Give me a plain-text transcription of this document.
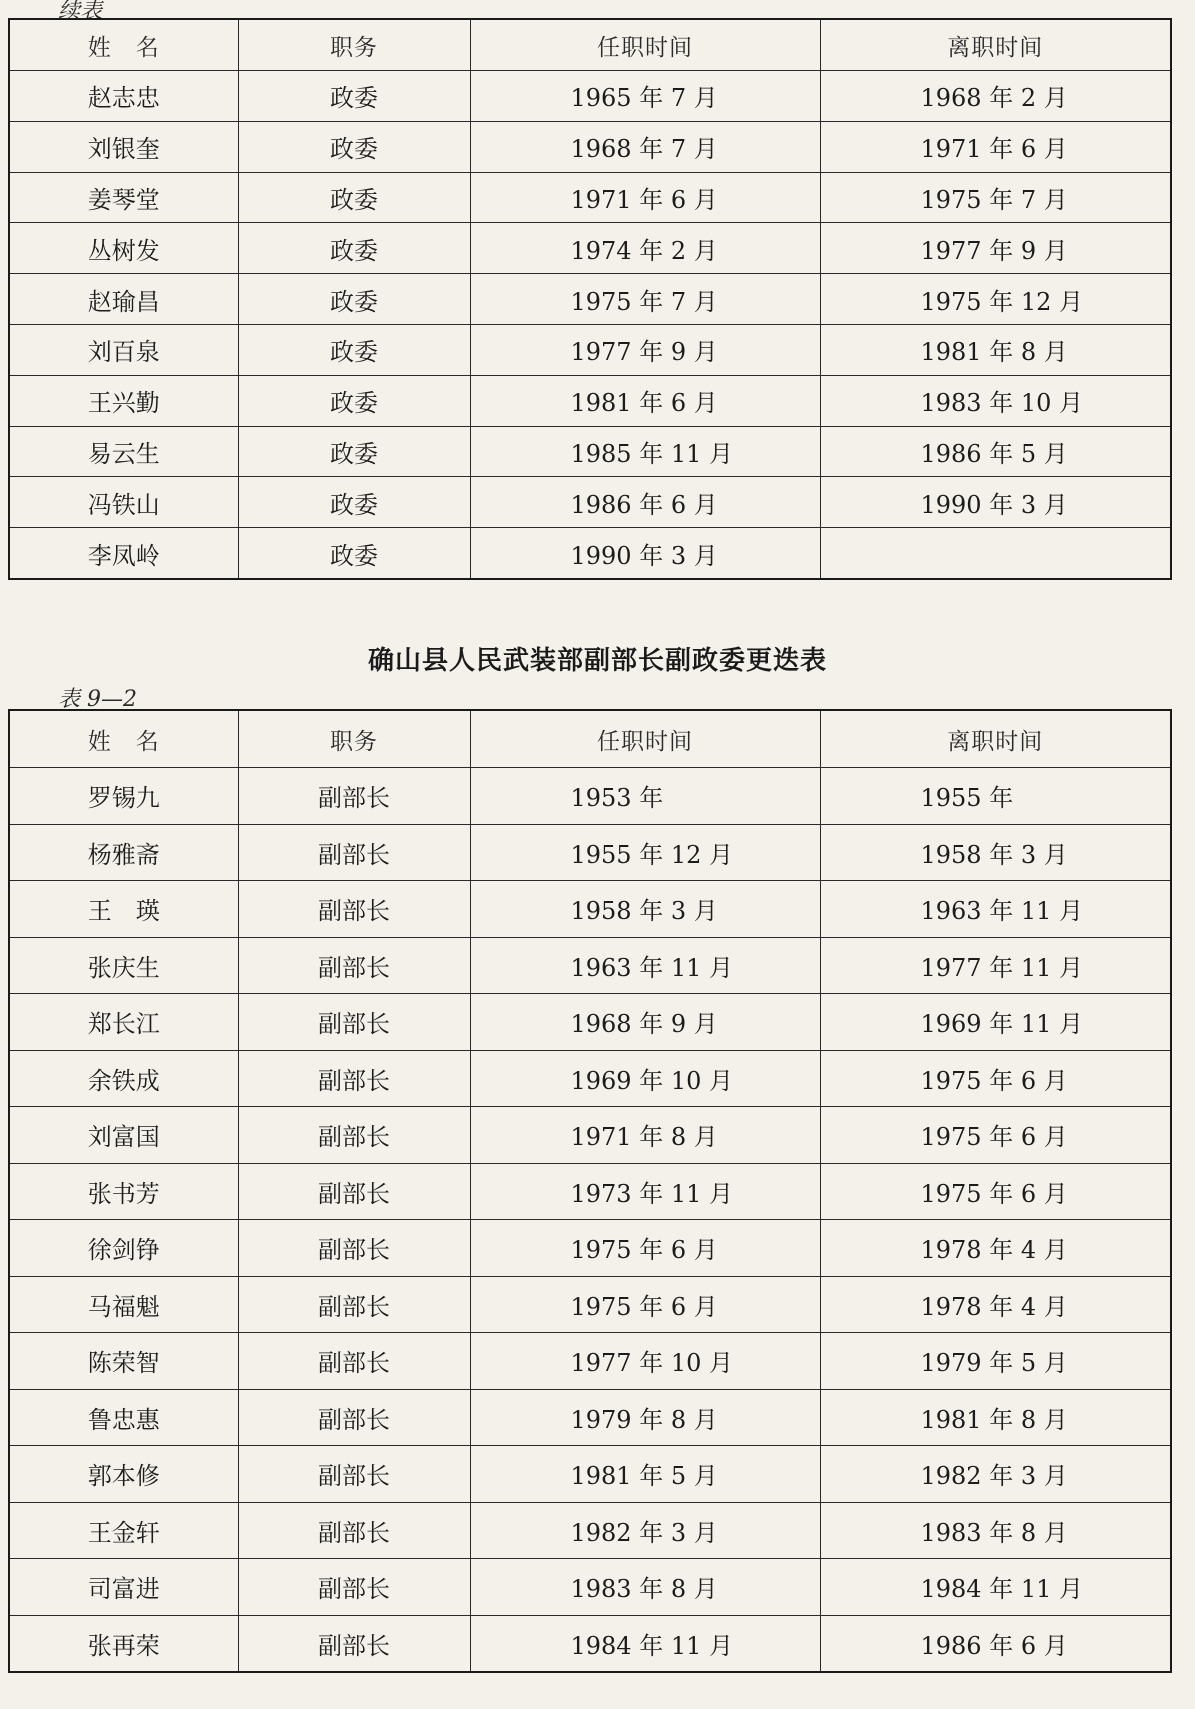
续表
姓　名	职务	任职时间	离职时间
赵志忠	政委	1965 年 7 月	1968 年 2 月
刘银奎	政委	1968 年 7 月	1971 年 6 月
姜琴堂	政委	1971 年 6 月	1975 年 7 月
丛树发	政委	1974 年 2 月	1977 年 9 月
赵瑜昌	政委	1975 年 7 月	1975 年 12 月
刘百泉	政委	1977 年 9 月	1981 年 8 月
王兴勤	政委	1981 年 6 月	1983 年 10 月
易云生	政委	1985 年 11 月	1986 年 5 月
冯铁山	政委	1986 年 6 月	1990 年 3 月
李凤岭	政委	1990 年 3 月	
确山县人民武装部副部长副政委更迭表
表 9—2
姓　名	职务	任职时间	离职时间
罗锡九	副部长	1953 年	1955 年
杨雅斋	副部长	1955 年 12 月	1958 年 3 月
王　瑛	副部长	1958 年 3 月	1963 年 11 月
张庆生	副部长	1963 年 11 月	1977 年 11 月
郑长江	副部长	1968 年 9 月	1969 年 11 月
余铁成	副部长	1969 年 10 月	1975 年 6 月
刘富国	副部长	1971 年 8 月	1975 年 6 月
张书芳	副部长	1973 年 11 月	1975 年 6 月
徐剑铮	副部长	1975 年 6 月	1978 年 4 月
马福魁	副部长	1975 年 6 月	1978 年 4 月
陈荣智	副部长	1977 年 10 月	1979 年 5 月
鲁忠惠	副部长	1979 年 8 月	1981 年 8 月
郭本修	副部长	1981 年 5 月	1982 年 3 月
王金轩	副部长	1982 年 3 月	1983 年 8 月
司富进	副部长	1983 年 8 月	1984 年 11 月
张再荣	副部长	1984 年 11 月	1986 年 6 月
